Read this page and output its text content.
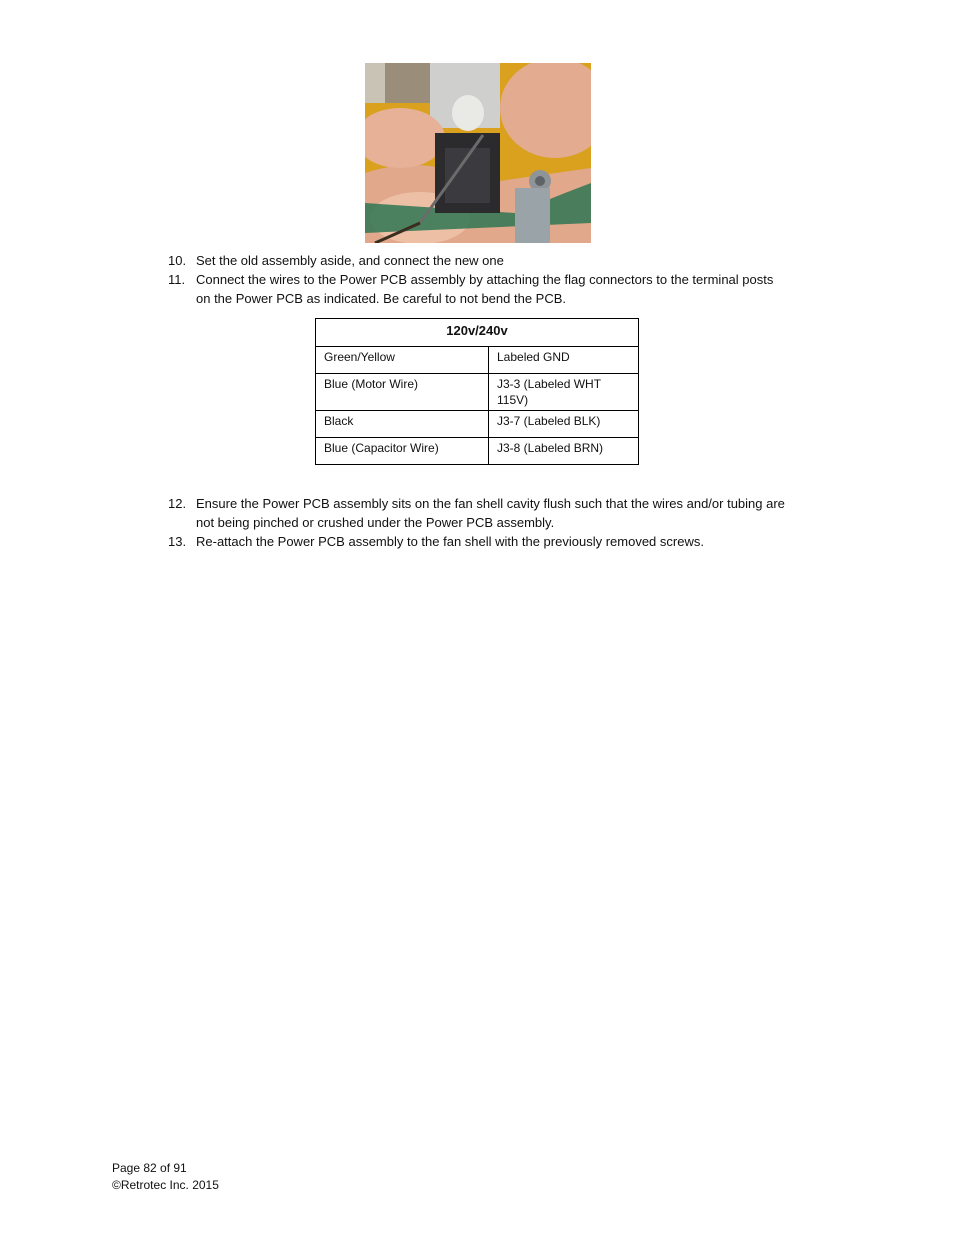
10. Set the old assembly aside, and connect the new one
11. Connect the wires to the Power PCB assembly by attaching the flag connectors to the terminal posts
on the Power PCB as indicated. Be careful to not bend the PCB.
120v/240v	
Green/Yellow	Labeled GND
Blue (Motor Wire)	J3-3 (Labeled WHT 115V)
Black	J3-7 (Labeled BLK)
Blue (Capacitor Wire)	J3-8 (Labeled BRN)
12. Ensure the Power PCB assembly sits on the fan shell cavity flush such that the wires and/or tubing are
not being pinched or crushed under the Power PCB assembly.
13. Re-attach the Power PCB assembly to the fan shell with the previously removed screws.
Page 82 of 91
©Retrotec Inc. 2015
